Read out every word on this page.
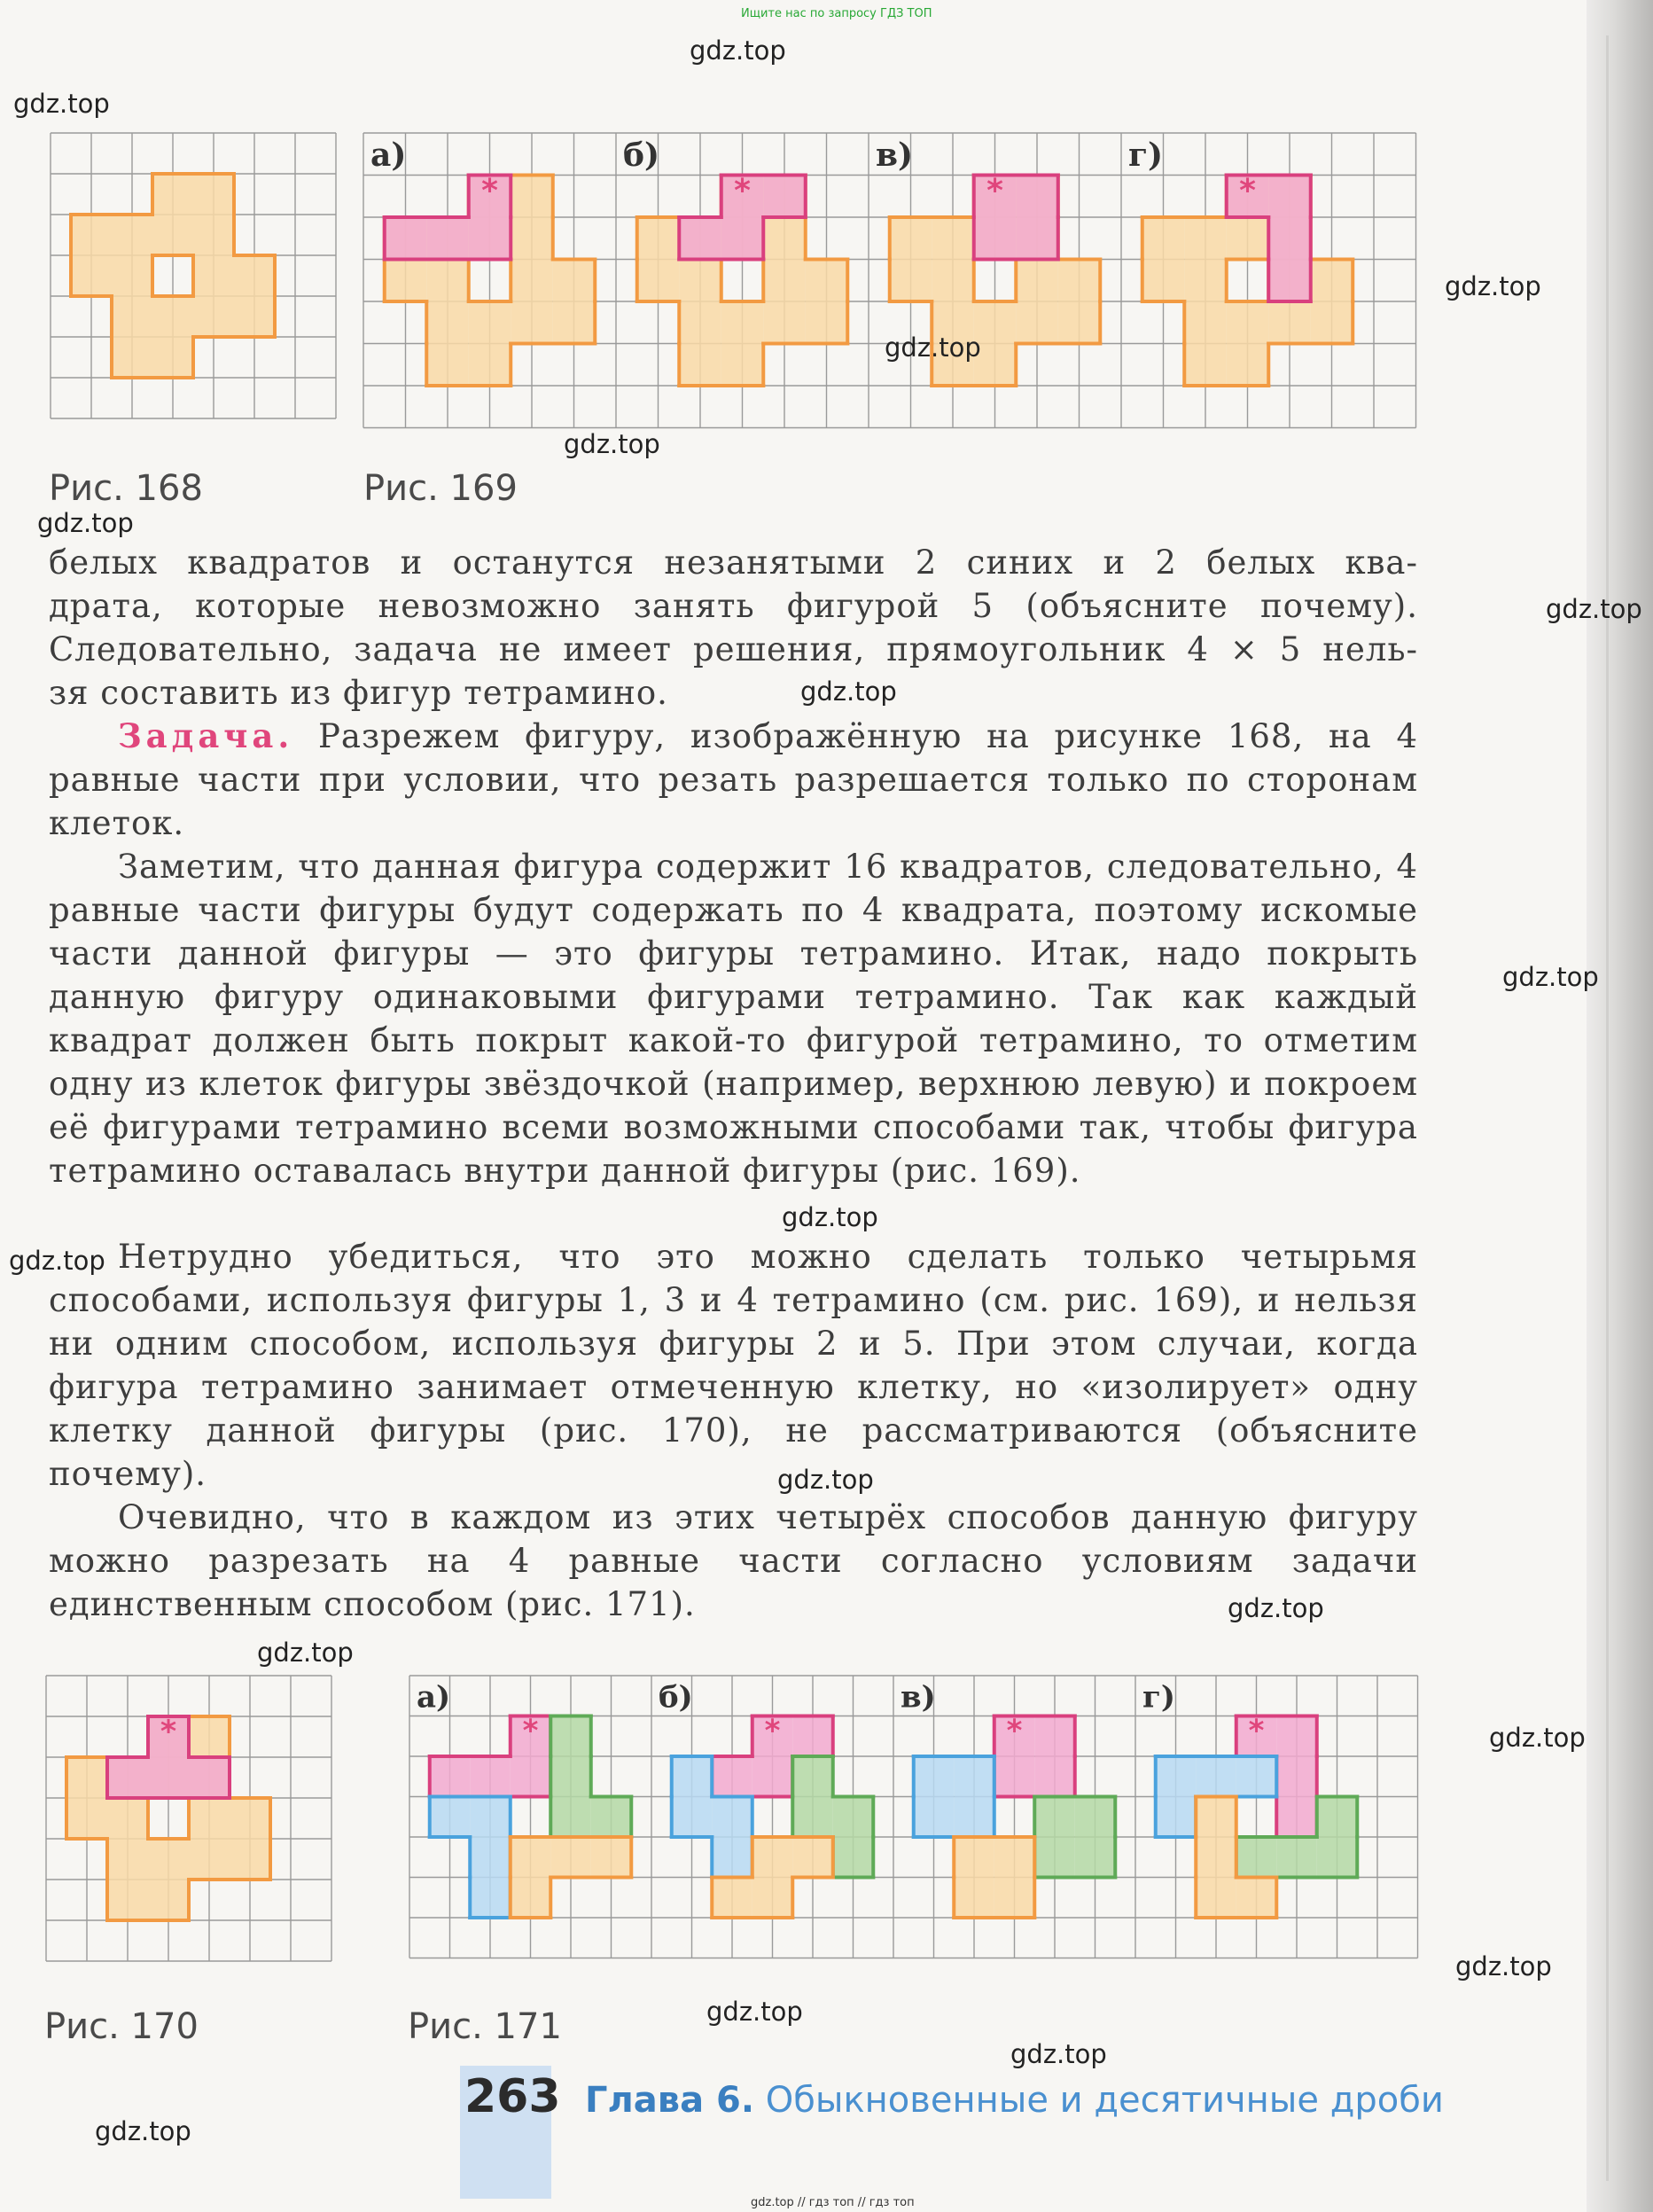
Ищите нас по запросу ГДЗ ТОП
gdz.top // гдз топ // гдз топ
*
а)
*
б)
*
в)
*
г)
*	*
а)
*
б)
*
в)
*
г)
Рис. 168	Рис. 169
Рис. 170	Рис. 171
белых квадратов и останутся незанятыми 2 синих и 2 белых ква-
драта, которые невозможно занять фигурой 5 (объясните почему).
Следовательно, задача не имеет решения, прямоугольник 4 × 5 нель-
зя составить из фигур тетрамино.
Задача. Разрежем фигуру, изображённую на рисунке 168, на 4 равные части при условии, что резать разрешается только по сторонам клеток.
Заметим, что данная фигура содержит 16 квадратов, следовательно, 4 равные части фигуры будут содержать по 4 квадрата, поэтому искомые части данной фигуры — это фигуры тетрамино. Итак, надо покрыть данную фигуру одинаковыми фигурами тетрамино. Так как каждый квадрат должен быть покрыт какой-то фигурой тетрамино, то отметим одну из клеток фигуры звёздочкой (например, верхнюю левую) и покроем её фигурами тетрамино всеми возможными способами так, чтобы фигура тетрамино оставалась внутри данной фигуры (рис. 169).
Нетрудно убедиться, что это можно сделать только четырьмя способами, используя фигуры 1, 3 и 4 тетрамино (см. рис. 169), и нельзя ни одним способом, используя фигуры 2 и 5. При этом случаи, когда фигура тетрамино занимает отмеченную клетку, но «изолирует» одну клетку данной фигуры (рис. 170), не рассматриваются (объясните почему).
Очевидно, что в каждом из этих четырёх способов данную фигуру можно разрезать на 4 равные части согласно условиям задачи единственным способом (рис. 171).
263 Глава 6. Обыкновенные и десятичные дроби
gdz.top
gdz.top
gdz.top
gdz.top
gdz.top
gdz.top
gdz.top
gdz.top
gdz.top
gdz.top
gdz.top
gdz.top
gdz.top
gdz.top
gdz.top
gdz.top
gdz.top
gdz.top
gdz.top
